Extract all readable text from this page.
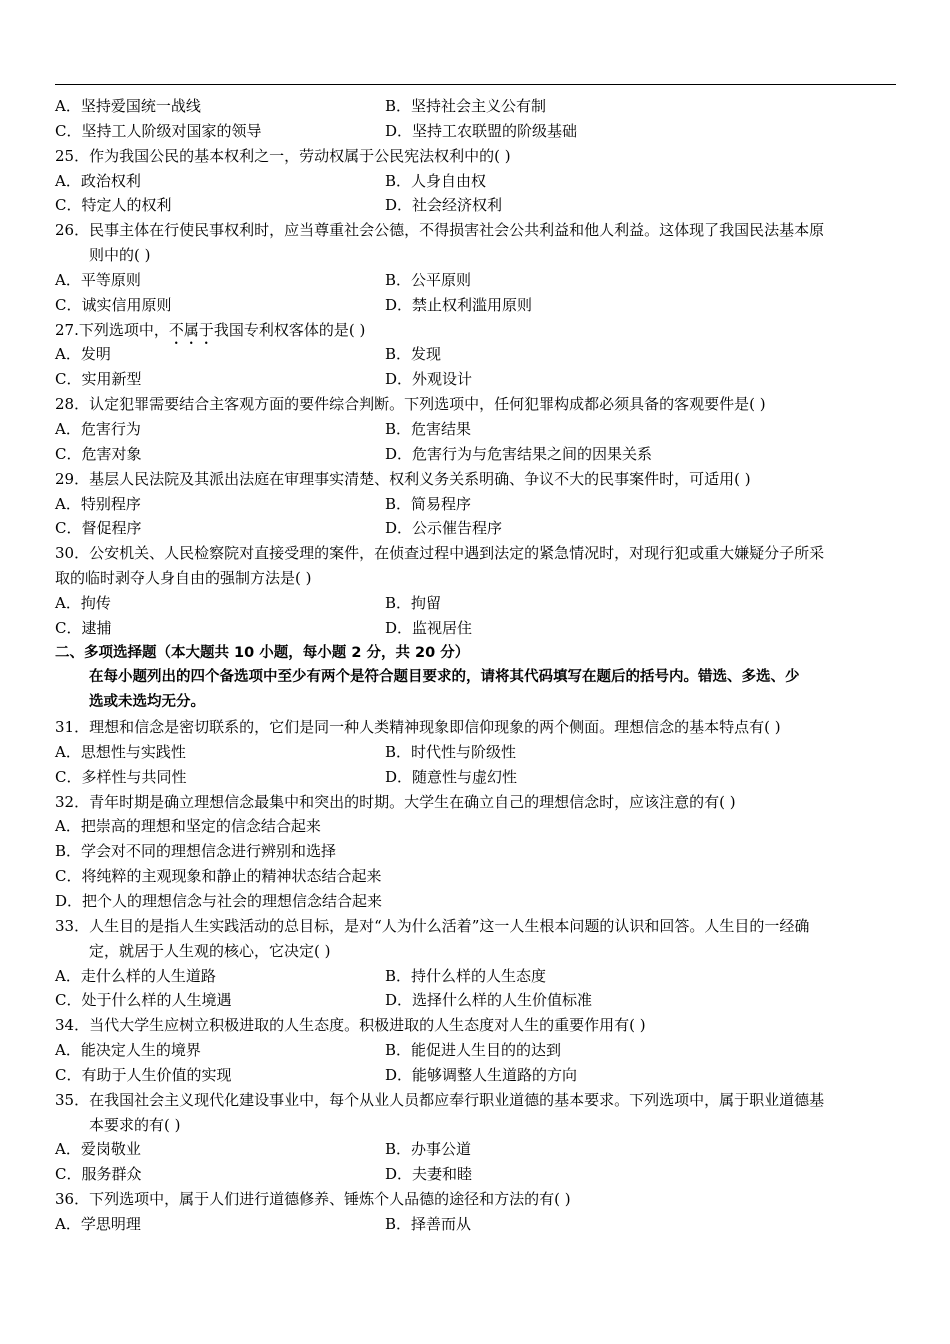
A．坚持爱国统一战线	B．坚持社会主义公有制
C．坚持工人阶级对国家的领导	D．坚持工农联盟的阶级基础
25．作为我国公民的基本权利之一，劳动权属于公民宪法权利中的( )
A．政治权利	B．人身自由权
C．特定人的权利	D．社会经济权利
26．民事主体在行使民事权利时，应当尊重社会公德，不得损害社会公共利益和他人利益。这体现了我国民法基本原
则中的( )
A．平等原则	B．公平原则
C．诚实信用原则	D．禁止权利滥用原则
27.下列选项中，不属于我国专利权客体的是( )
A．发明	B．发现
C．实用新型	D．外观设计
28．认定犯罪需要结合主客观方面的要件综合判断。下列选项中，任何犯罪构成都必须具备的客观要件是( )
A．危害行为	B．危害结果
C．危害对象	D．危害行为与危害结果之间的因果关系
29．基层人民法院及其派出法庭在审理事实清楚、权利义务关系明确、争议不大的民事案件时，可适用( )
A．特别程序	B．简易程序
C．督促程序	D．公示催告程序
30．公安机关、人民检察院对直接受理的案件，在侦查过程中遇到法定的紧急情况时，对现行犯或重大嫌疑分子所采
取的临时剥夺人身自由的强制方法是( )
A．拘传	B．拘留
C．逮捕	D．监视居住
二、多项选择题（本大题共 10 小题，每小题 2 分，共 20 分）
在每小题列出的四个备选项中至少有两个是符合题目要求的，请将其代码填写在题后的括号内。错选、多选、少
选或未选均无分。
31．理想和信念是密切联系的，它们是同一种人类精神现象即信仰现象的两个侧面。理想信念的基本特点有( )
A．思想性与实践性	B．时代性与阶级性
C．多样性与共同性	D．随意性与虚幻性
32．青年时期是确立理想信念最集中和突出的时期。大学生在确立自己的理想信念时，应该注意的有( )
A．把崇高的理想和坚定的信念结合起来
B．学会对不同的理想信念进行辨别和选择
C．将纯粹的主观现象和静止的精神状态结合起来
D．把个人的理想信念与社会的理想信念结合起来
33．人生目的是指人生实践活动的总目标，是对“人为什么活着”这一人生根本问题的认识和回答。人生目的一经确
定，就居于人生观的核心，它决定( )
A．走什么样的人生道路	B．持什么样的人生态度
C．处于什么样的人生境遇	D．选择什么样的人生价值标准
34．当代大学生应树立积极进取的人生态度。积极进取的人生态度对人生的重要作用有( )
A．能决定人生的境界	B．能促进人生目的的达到
C．有助于人生价值的实现	D．能够调整人生道路的方向
35．在我国社会主义现代化建设事业中，每个从业人员都应奉行职业道德的基本要求。下列选项中，属于职业道德基
本要求的有( )
A．爱岗敬业	B．办事公道
C．服务群众	D．夫妻和睦
36．下列选项中，属于人们进行道德修养、锤炼个人品德的途径和方法的有( )
A．学思明理	B．择善而从
